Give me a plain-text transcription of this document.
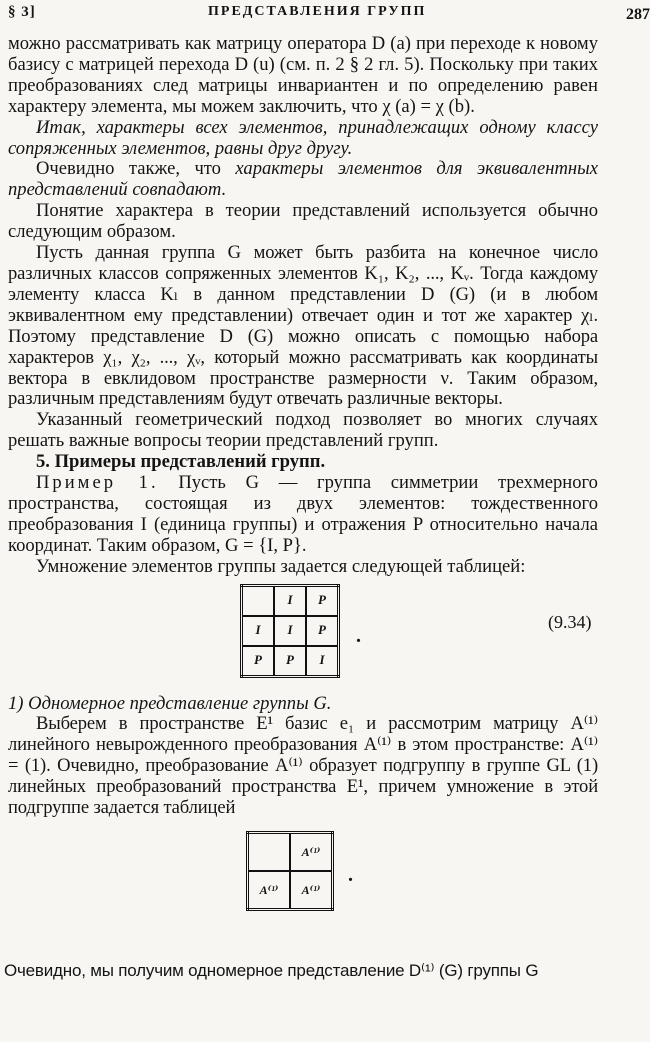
§ 3]	ПРЕДСТАВЛЕНИЯ ГРУПП	287

можно рассматривать как матрицу оператора D (a) при переходе к новому базису с матрицей перехода D (u) (см. п. 2 § 2 гл. 5). Поскольку при таких преобразованиях след матрицы инвариантен и по определению равен характеру элемента, мы можем заключить, что χ (a) = χ (b).

Итак, характеры всех элементов, принадлежащих одному классу сопряженных элементов, равны друг другу.

Очевидно также, что характеры элементов для эквивалентных представлений совпадают.

Понятие характера в теории представлений используется обычно следующим образом.

Пусть данная группа G может быть разбита на конечное число различных классов сопряженных элементов K₁, K₂, ..., Kᵥ. Тогда каждому элементу класса Kₗ в данном представлении D (G) (и в любом эквивалентном ему представлении) отвечает один и тот же характер χₗ. Поэтому представление D (G) можно описать с помощью набора характеров χ₁, χ₂, ..., χᵥ, который можно рассматривать как координаты вектора в евклидовом пространстве размерности ν. Таким образом, различным представлениям будут отвечать различные векторы.

Указанный геометрический подход позволяет во многих случаях решать важные вопросы теории представлений групп.

5. Примеры представлений групп.

Пример 1. Пусть G — группа симметрии трехмерного пространства, состоящая из двух элементов: тождественного преобразования I (единица группы) и отражения P относительно начала координат. Таким образом, G = {I, P}.

Умножение элементов группы задается следующей таблицей:

	I	P
I	I	P
P	P	I
.
(9.34)

1) Одномерное представление группы G.

Выберем в пространстве E¹ базис e₁ и рассмотрим матрицу A⁽¹⁾ линейного невырожденного преобразования A⁽¹⁾ в этом пространстве: A⁽¹⁾ = (1). Очевидно, преобразование A⁽¹⁾ образует подгруппу в группе GL (1) линейных преобразований пространства E¹, причем умножение в этой подгруппе задается таблицей

	A⁽¹⁾
A⁽¹⁾	A⁽¹⁾
.

Очевидно, мы получим одномерное представление D⁽¹⁾ (G) группы G
